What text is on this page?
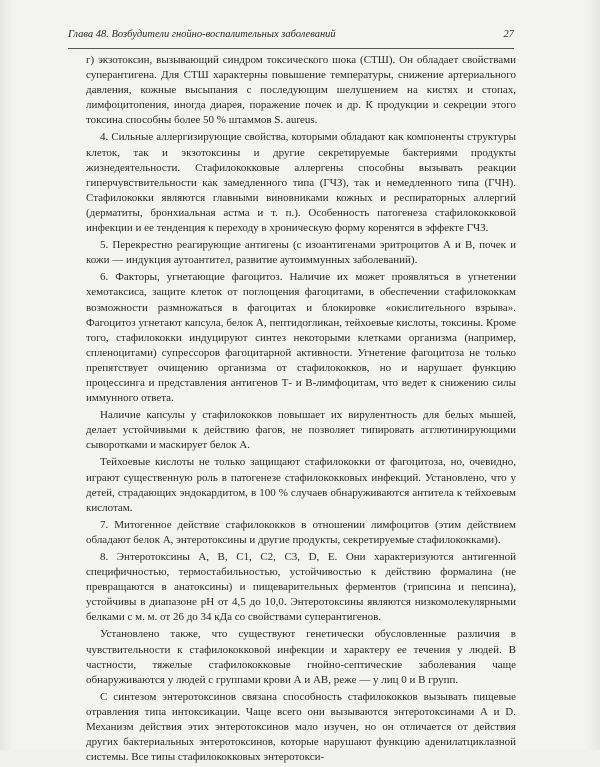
Глава 48. Возбудители гнойно-воспалительных заболеваний	27

г) экзотоксин, вызывающий синдром токсического шока (СТШ). Он обладает свойствами суперантигена. Для СТШ характерны повышение температуры, снижение артериального давления, кожные высыпания с последующим шелушением на кистях и стопах, лимфоцитопения, иногда диарея, поражение почек и др. К продукции и секреции этого токсина способны более 50 % штаммов S. aureus.

4. Сильные аллергизирующие свойства, которыми обладают как компоненты структуры клеток, так и экзотоксины и другие секретируемые бактериями продукты жизнедеятельности. Стафилококковые аллергены способны вызывать реакции гиперчувствительности как замедленного типа (ГЧЗ), так и немедленного типа (ГЧН). Стафилококки являются главными виновниками кожных и респираторных аллергий (дерматиты, бронхиальная астма и т. п.). Особенность патогенеза стафилококковой инфекции и ее тенденция к переходу в хроническую форму коренятся в эффекте ГЧЗ.

5. Перекрестно реагирующие антигены (с изоантигенами эритроцитов А и В, почек и кожи — индукция аутоантител, развитие аутоиммунных заболеваний).

6. Факторы, угнетающие фагоцитоз. Наличие их может проявляться в угнетении хемотаксиса, защите клеток от поглощения фагоцитами, в обеспечении стафилококкам возможности размножаться в фагоцитах и блокировке «окислительного взрыва». Фагоцитоз угнетают капсула, белок А, пептидогликан, тейхоевые кислоты, токсины. Кроме того, стафилококки индуцируют синтез некоторыми клетками организма (например, спленоцитами) супрессоров фагоцитарной активности. Угнетение фагоцитоза не только препятствует очищению организма от стафилококков, но и нарушает функцию процессинга и представления антигенов Т- и В-лимфоцитам, что ведет к снижению силы иммунного ответа.

Наличие капсулы у стафилококков повышает их вирулентность для белых мышей, делает устойчивыми к действию фагов, не позволяет типировать агглютинирующими сыворотками и маскирует белок А.

Тейхоевые кислоты не только защищают стафилококки от фагоцитоза, но, очевидно, играют существенную роль в патогенезе стафилококковых инфекций. Установлено, что у детей, страдающих эндокардитом, в 100 % случаев обнаруживаются антитела к тейхоевым кислотам.

7. Митогенное действие стафилококков в отношении лимфоцитов (этим действием обладают белок А, энтеротоксины и другие продукты, секретируемые стафилококками).

8. Энтеротоксины А, В, С1, С2, С3, D, Е. Они характеризуются антигенной специфичностью, термостабильностью, устойчивостью к действию формалина (не превращаются в анатоксины) и пищеварительных ферментов (трипсина и пепсина), устойчивы в диапазоне pH от 4,5 до 10,0. Энтеротоксины являются низкомолекулярными белками с м. м. от 26 до 34 кДа со свойствами суперантигенов.

Установлено также, что существуют генетически обусловленные различия в чувствительности к стафилококковой инфекции и характеру ее течения у людей. В частности, тяжелые стафилококковые гнойно-септические заболевания чаще обнаруживаются у людей с группами крови А и АВ, реже — у лиц 0 и В групп.

С синтезом энтеротоксинов связана способность стафилококков вызывать пищевые отравления типа интоксикации. Чаще всего они вызываются энтеротоксинами А и D. Механизм действия этих энтеротоксинов мало изучен, но он отличается от действия других бактериальных энтеротоксинов, которые нарушают функцию аденилатциклазной системы. Все типы стафилококковых энтеротокси-
